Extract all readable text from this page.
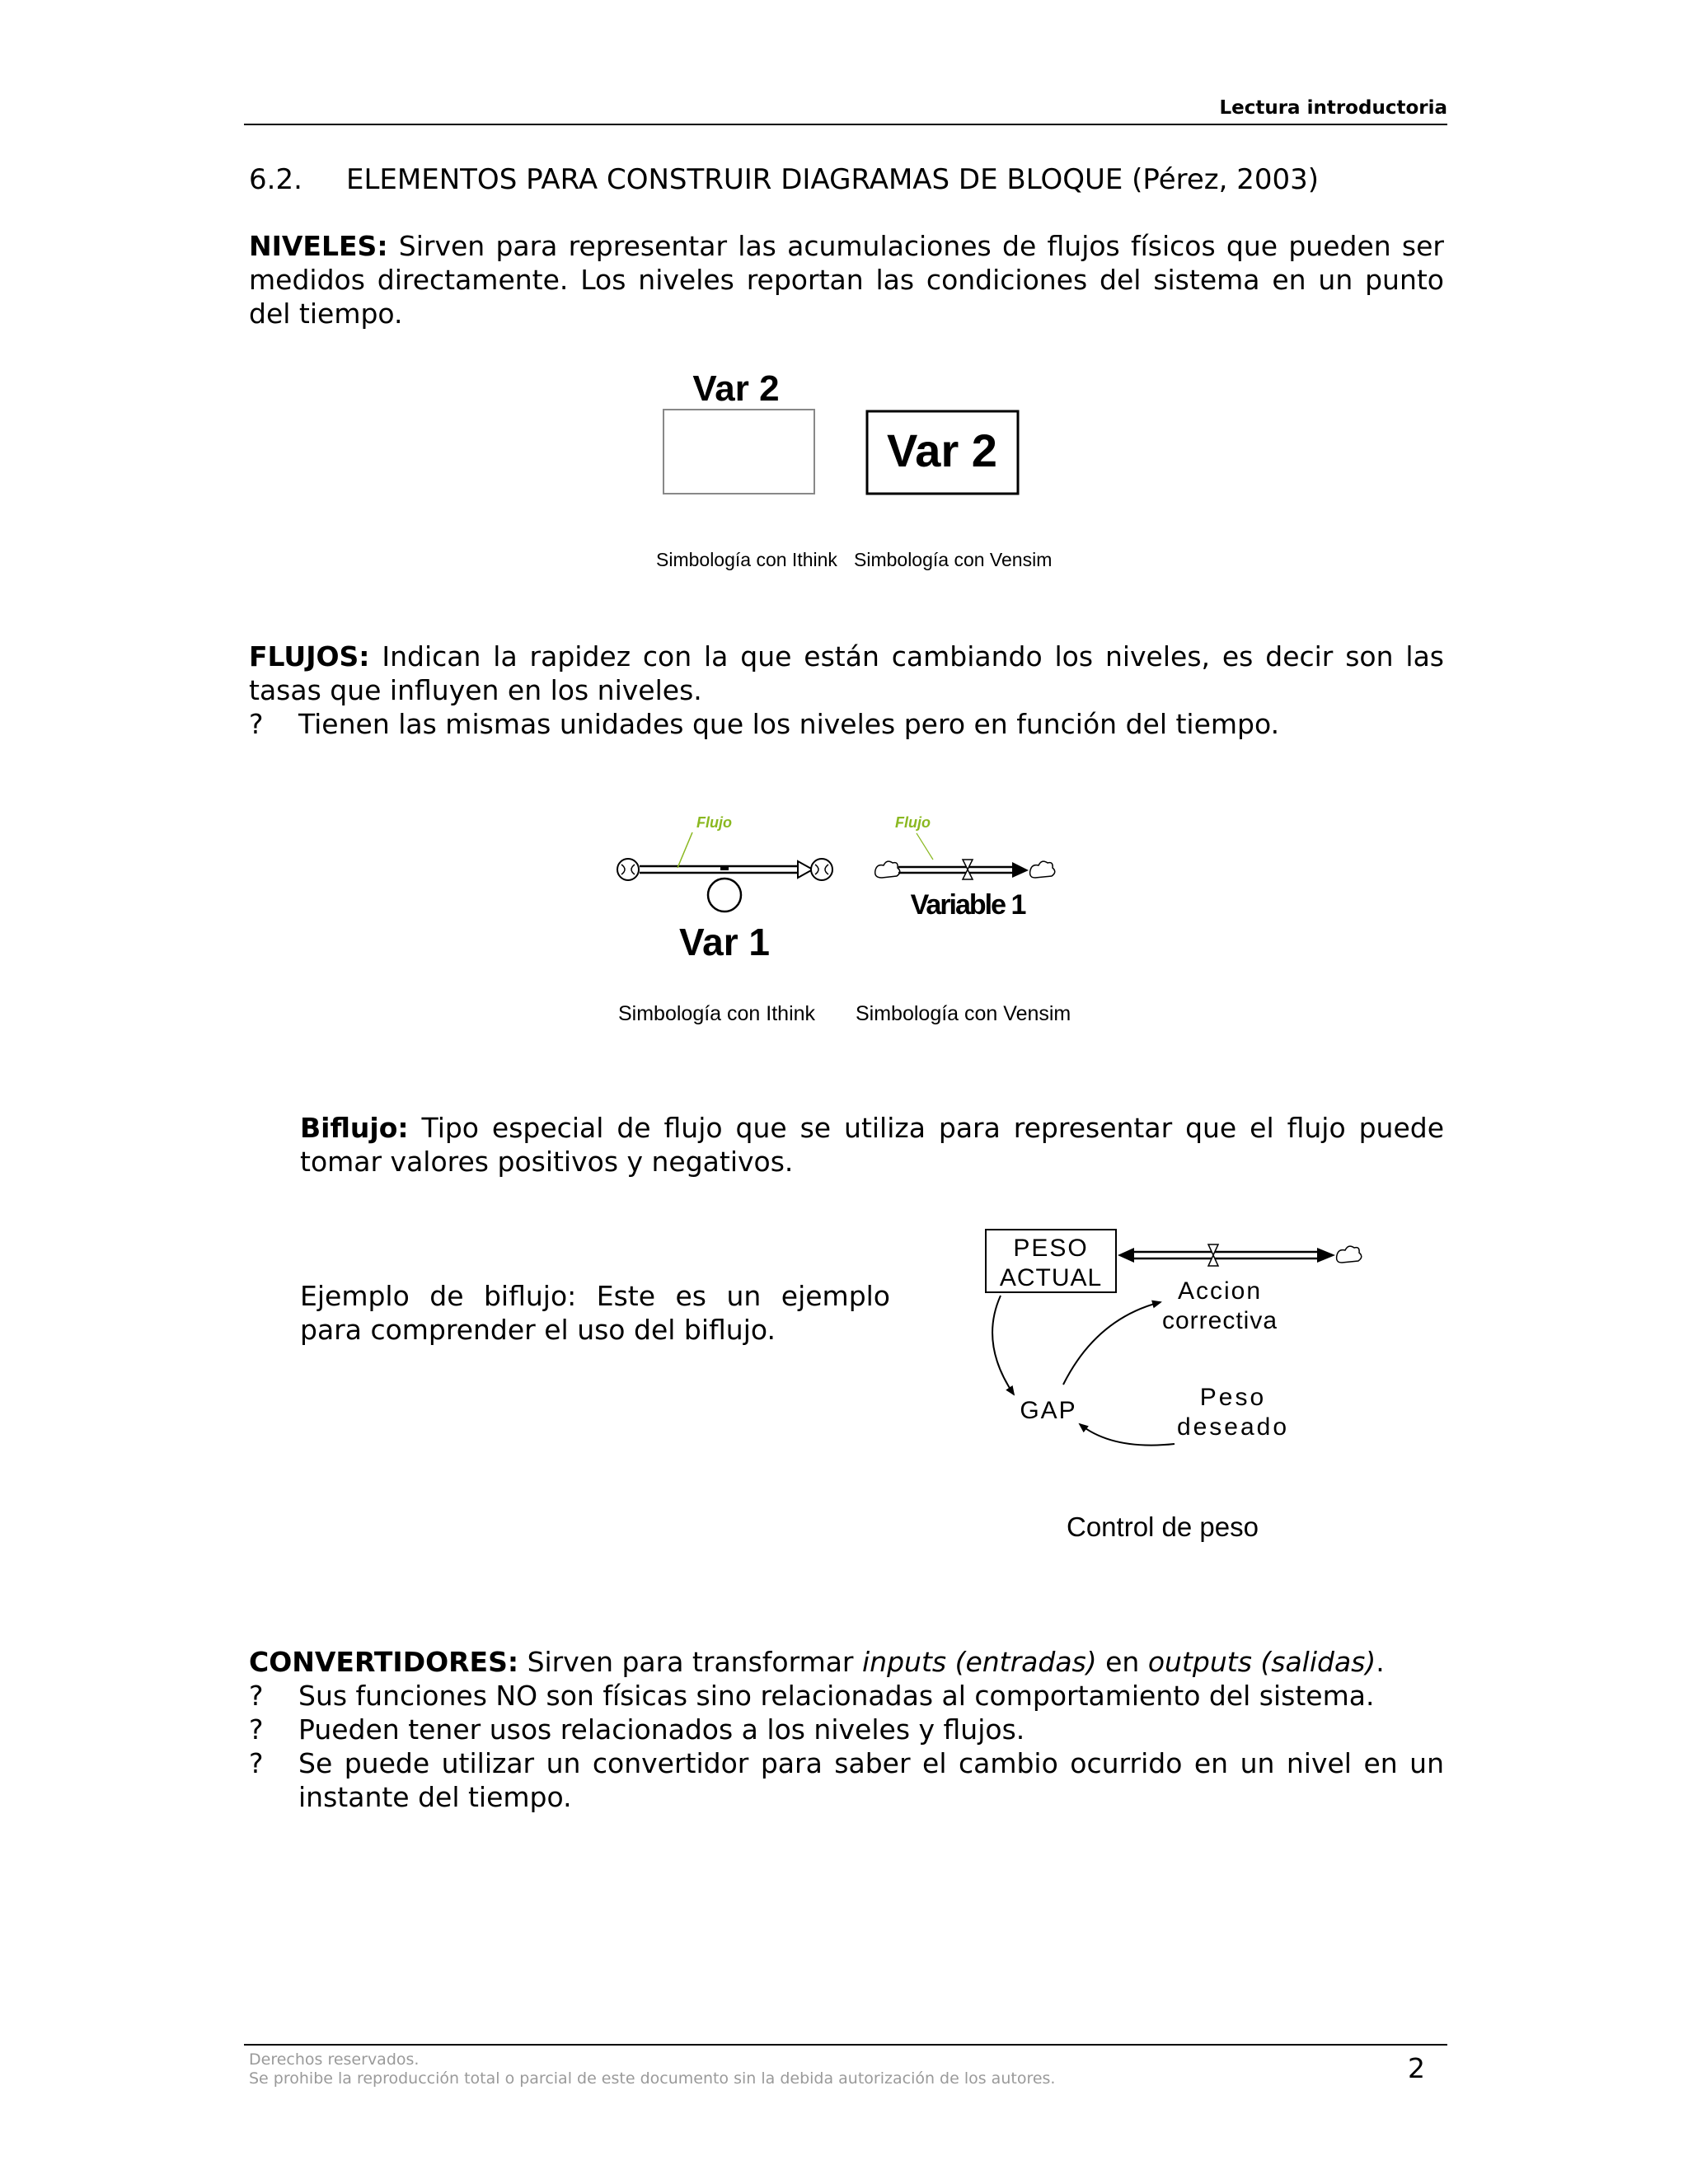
Lectura introductoria
6.2. ELEMENTOS PARA CONSTRUIR DIAGRAMAS DE BLOQUE (Pérez, 2003)
NIVELES: Sirven para representar las acumulaciones de flujos físicos que pueden ser medidos directamente. Los niveles reportan las condiciones del sistema en un punto del tiempo.
Var 2
Var 2
Simbología con Ithink Simbología con Vensim
FLUJOS: Indican la rapidez con la que están cambiando los niveles, es decir son las tasas que influyen en los niveles.
? Tienen las mismas unidades que los niveles pero en función del tiempo.
Flujo
Var 1
Flujo
Variable 1
Simbología con Ithink Simbología con Vensim
Biflujo: Tipo especial de flujo que se utiliza para representar que el flujo puede tomar valores positivos y negativos.
Ejemplo de biflujo: Este es un ejemplo para comprender el uso del biflujo.
PESO
ACTUAL	Accion
correctiva
GAP	Peso
deseado
Control de peso
CONVERTIDORES: Sirven para transformar inputs (entradas) en outputs (salidas).
? Sus funciones NO son físicas sino relacionadas al comportamiento del sistema.
? Pueden tener usos relacionados a los niveles y flujos.
? Se puede utilizar un convertidor para saber el cambio ocurrido en un nivel en un instante del tiempo.
Derechos reservados.
Se prohibe la reproducción total o parcial de este documento sin la debida autorización de los autores.	2
